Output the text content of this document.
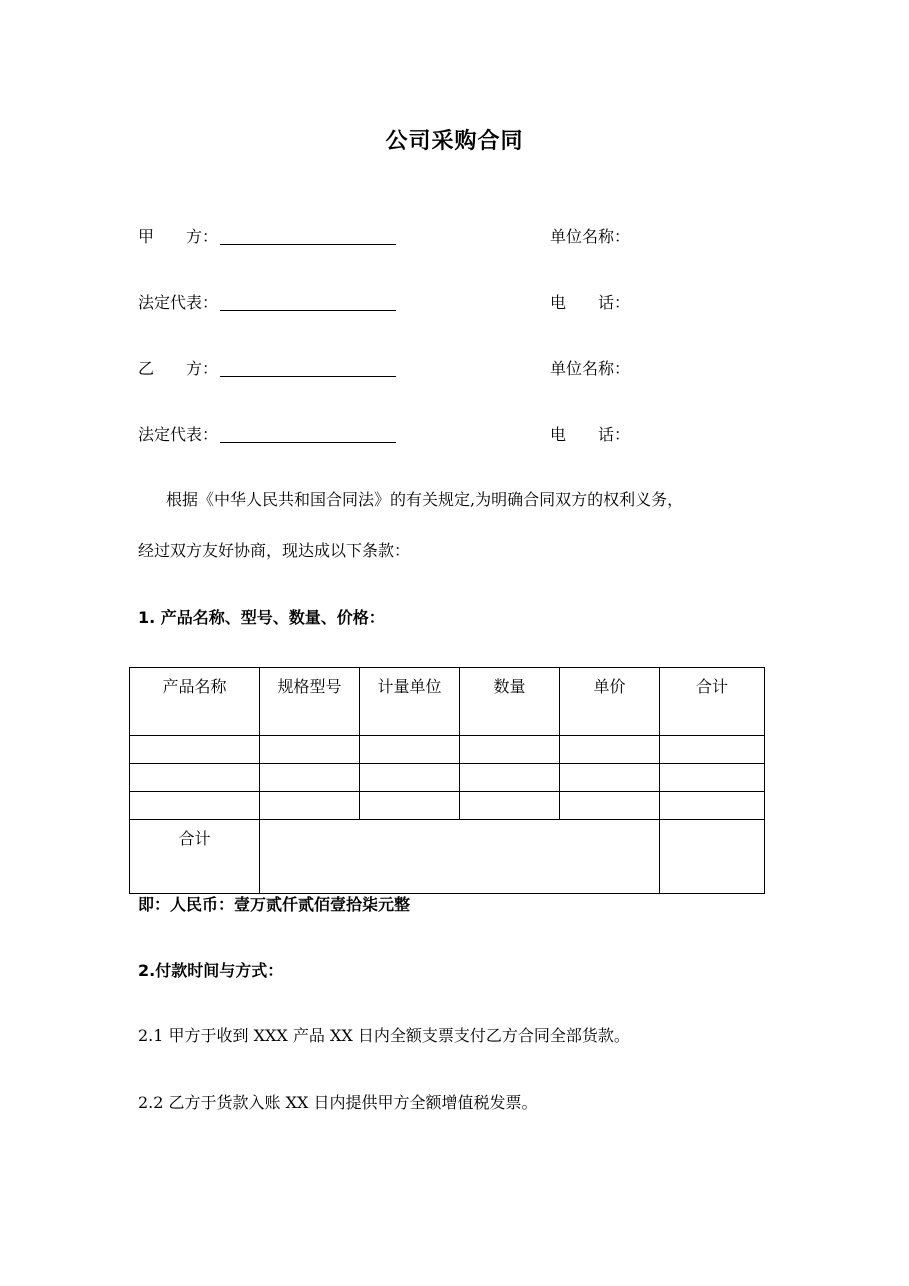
公司采购合同
甲　　方：	单位名称：
法定代表：	电　　话：
乙　　方：	单位名称：
法定代表：	电　　话：
根据《中华人民共和国合同法》的有关规定,为明确合同双方的权利义务，
经过双方友好协商，现达成以下条款：
1. 产品名称、型号、数量、价格：
产品名称	规格型号	计量单位	数量	单价	合计

合计					
即：人民币：壹万贰仟贰佰壹拾柒元整
2.付款时间与方式：
2.1 甲方于收到 XXX 产品 XX 日内全额支票支付乙方合同全部货款。
2.2 乙方于货款入账 XX 日内提供甲方全额增值税发票。
